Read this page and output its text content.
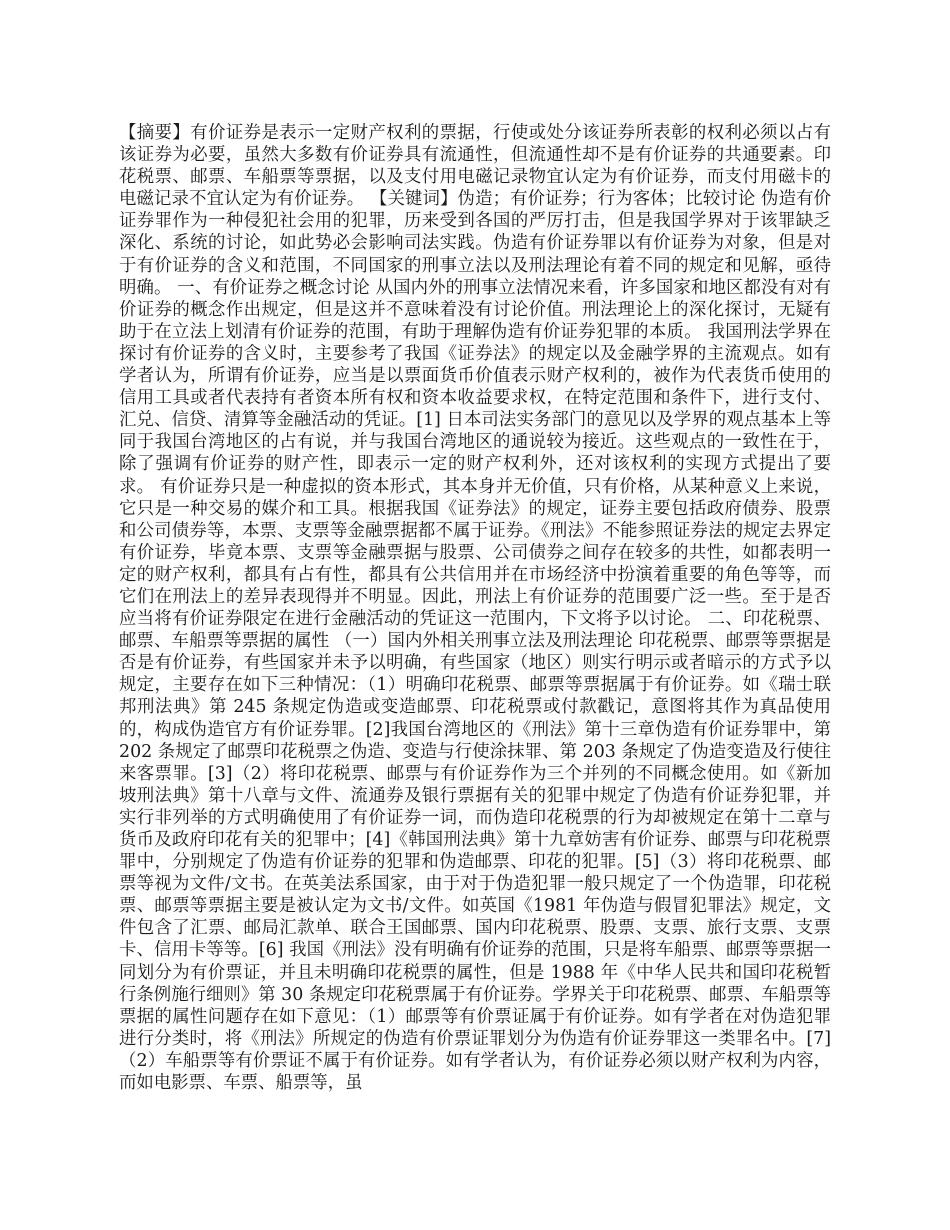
【摘要】有价证券是表示一定财产权利的票据，行使或处分该证券所表彰的权利必须以占有该证券为必要，虽然大多数有价证券具有流通性，但流通性却不是有价证券的共通要素。印花税票、邮票、车船票等票据，以及支付用电磁记录物宜认定为有价证券，而支付用磁卡的电磁记录不宜认定为有价证券。 【关键词】伪造；有价证券；行为客体；比较讨论 伪造有价证券罪作为一种侵犯社会用的犯罪，历来受到各国的严厉打击，但是我国学界对于该罪缺乏深化、系统的讨论，如此势必会影响司法实践。伪造有价证券罪以有价证券为对象，但是对于有价证券的含义和范围，不同国家的刑事立法以及刑法理论有着不同的规定和见解，亟待明确。 一、有价证券之概念讨论 从国内外的刑事立法情况来看，许多国家和地区都没有对有价证券的概念作出规定，但是这并不意味着没有讨论价值。刑法理论上的深化探讨，无疑有助于在立法上划清有价证券的范围，有助于理解伪造有价证券犯罪的本质。 我国刑法学界在探讨有价证券的含义时，主要参考了我国《证券法》的规定以及金融学界的主流观点。如有学者认为，所谓有价证券，应当是以票面货币价值表示财产权利的，被作为代表货币使用的信用工具或者代表持有者资本所有权和资本收益要求权，在特定范围和条件下，进行支付、汇兑、信贷、清算等金融活动的凭证。[1] 日本司法实务部门的意见以及学界的观点基本上等同于我国台湾地区的占有说，并与我国台湾地区的通说较为接近。这些观点的一致性在于，除了强调有价证券的财产性，即表示一定的财产权利外，还对该权利的实现方式提出了要求。 有价证券只是一种虚拟的资本形式，其本身并无价值，只有价格，从某种意义上来说，它只是一种交易的媒介和工具。根据我国《证券法》的规定，证券主要包括政府债券、股票和公司债券等，本票、支票等金融票据都不属于证券。《刑法》不能参照证券法的规定去界定有价证券，毕竟本票、支票等金融票据与股票、公司债券之间存在较多的共性，如都表明一定的财产权利，都具有占有性，都具有公共信用并在市场经济中扮演着重要的角色等等，而它们在刑法上的差异表现得并不明显。因此，刑法上有价证券的范围要广泛一些。至于是否应当将有价证券限定在进行金融活动的凭证这一范围内，下文将予以讨论。 二、印花税票、邮票、车船票等票据的属性 （一）国内外相关刑事立法及刑法理论 印花税票、邮票等票据是否是有价证券，有些国家并未予以明确，有些国家（地区）则实行明示或者暗示的方式予以规定，主要存在如下三种情况：（1）明确印花税票、邮票等票据属于有价证券。如《瑞士联邦刑法典》第 245 条规定伪造或变造邮票、印花税票或付款戳记，意图将其作为真品使用的，构成伪造官方有价证券罪。[2]我国台湾地区的《刑法》第十三章伪造有价证券罪中，第 202 条规定了邮票印花税票之伪造、变造与行使涂抹罪、第 203 条规定了伪造变造及行使往来客票罪。[3]（2）将印花税票、邮票与有价证券作为三个并列的不同概念使用。如《新加坡刑法典》第十八章与文件、流通券及银行票据有关的犯罪中规定了伪造有价证券犯罪，并实行非列举的方式明确使用了有价证券一词，而伪造印花税票的行为却被规定在第十二章与货币及政府印花有关的犯罪中；[4]《韩国刑法典》第十九章妨害有价证券、邮票与印花税票罪中，分别规定了伪造有价证券的犯罪和伪造邮票、印花的犯罪。[5]（3）将印花税票、邮票等视为文件/文书。在英美法系国家，由于对于伪造犯罪一般只规定了一个伪造罪，印花税票、邮票等票据主要是被认定为文书/文件。如英国《1981 年伪造与假冒犯罪法》规定，文件包含了汇票、邮局汇款单、联合王国邮票、国内印花税票、股票、支票、旅行支票、支票卡、信用卡等等。[6] 我国《刑法》没有明确有价证券的范围，只是将车船票、邮票等票据一同划分为有价票证，并且未明确印花税票的属性，但是 1988 年《中华人民共和国印花税暂行条例施行细则》第 30 条规定印花税票属于有价证券。学界关于印花税票、邮票、车船票等票据的属性问题存在如下意见：（1）邮票等有价票证属于有价证券。如有学者在对伪造犯罪进行分类时，将《刑法》所规定的伪造有价票证罪划分为伪造有价证券罪这一类罪名中。[7]（2）车船票等有价票证不属于有价证券。如有学者认为，有价证券必须以财产权利为内容，而如电影票、车票、船票等，虽
